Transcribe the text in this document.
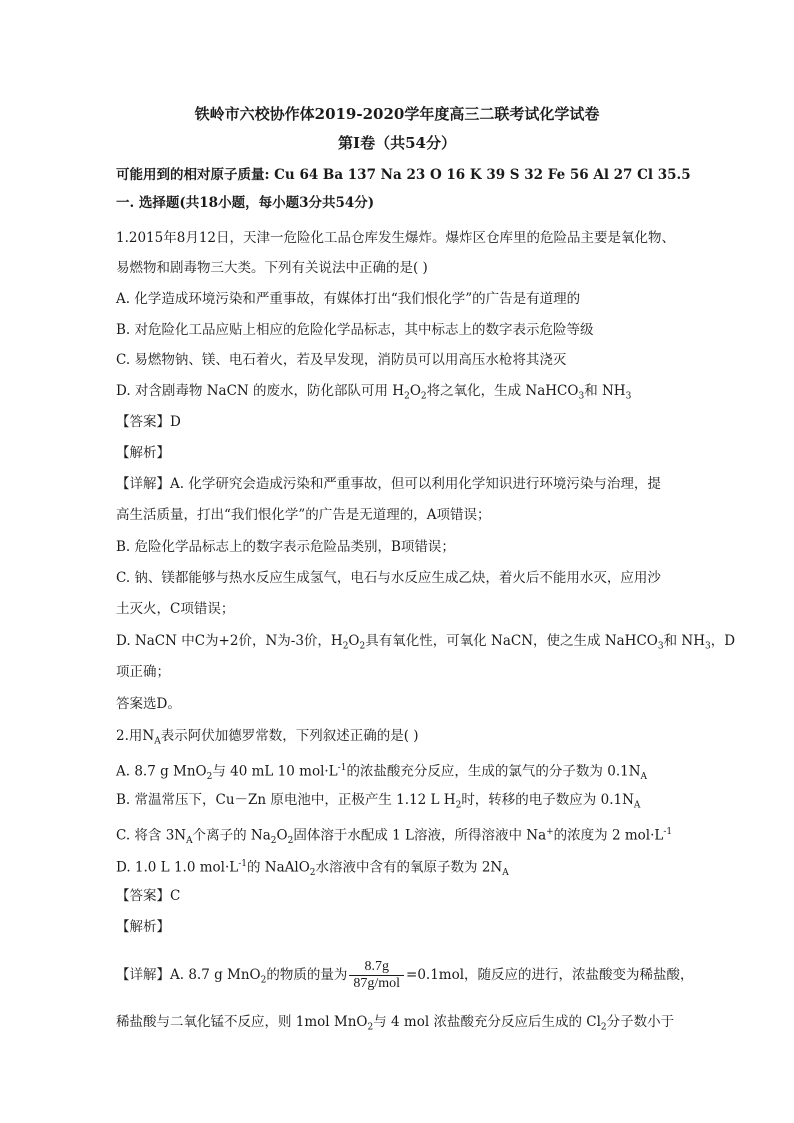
铁岭市六校协作体2019-2020学年度高三二联考试化学试卷
第Ⅰ卷（共54分）
可能用到的相对原子质量: Cu 64 Ba 137 Na 23 O 16 K 39 S 32 Fe 56 Al 27 Cl 35.5
一. 选择题(共18小题，每小题3分共54分)
1.2015年8月12日，天津一危险化工品仓库发生爆炸。爆炸区仓库里的危险品主要是氧化物、
易燃物和剧毒物三大类。下列有关说法中正确的是( )
A. 化学造成环境污染和严重事故，有媒体打出“我们恨化学”的广告是有道理的
B. 对危险化工品应贴上相应的危险化学品标志，其中标志上的数字表示危险等级
C. 易燃物钠、镁、电石着火，若及早发现，消防员可以用高压水枪将其浇灭
D. 对含剧毒物 NaCN 的废水，防化部队可用 $H_2O_2$将之氧化，生成 NaHCO$_3$和 $NH_3$
【答案】D
【解析】
【详解】A. 化学研究会造成污染和严重事故，但可以利用化学知识进行环境污染与治理，提
高生活质量，打出“我们恨化学”的广告是无道理的，A项错误；
B. 危险化学品标志上的数字表示危险品类别，B项错误；
C. 钠、镁都能够与热水反应生成氢气，电石与水反应生成乙炔，着火后不能用水灭，应用沙
土灭火，C项错误；
D. NaCN 中C为+2价，N为-3价，$H_2O_2$具有氧化性，可氧化 NaCN，使之生成 NaHCO$_3$和 $NH_3$，D
项正确；
答案选D。
2.用$N_A$表示阿伏加德罗常数，下列叙述正确的是( )
A. 8.7 g MnO$_2$与 40 mL 10 $mol\cdot L^{-1}$的浓盐酸充分反应，生成的氯气的分子数为 $0.1N_A$
B. 常温常压下，Cu－Zn 原电池中，正极产生 1.12 L $H_2$时，转移的电子数应为 $0.1N_A$
C. 将含 $3N_A$个离子的 $Na_2O_2$固体溶于水配成 1 L溶液，所得溶液中 Na+的浓度为 2 $mol\cdot L^{-1}$
D. 1.0 L 1.0 $mol\cdot L^{-1}$的 NaAlO$_2$水溶液中含有的氧原子数为 $2N_A$
【答案】C
【解析】
【详解】A. 8.7 g MnO$_2$的物质的量为 $\frac{8.7g}{\text{87g/mol}} =0.1mol$，随反应的进行，浓盐酸变为稀盐酸，
稀盐酸与二氧化锰不反应，则 1mol MnO$_2$与 4 mol 浓盐酸充分反应后生成的 $Cl_2$分子数小于
